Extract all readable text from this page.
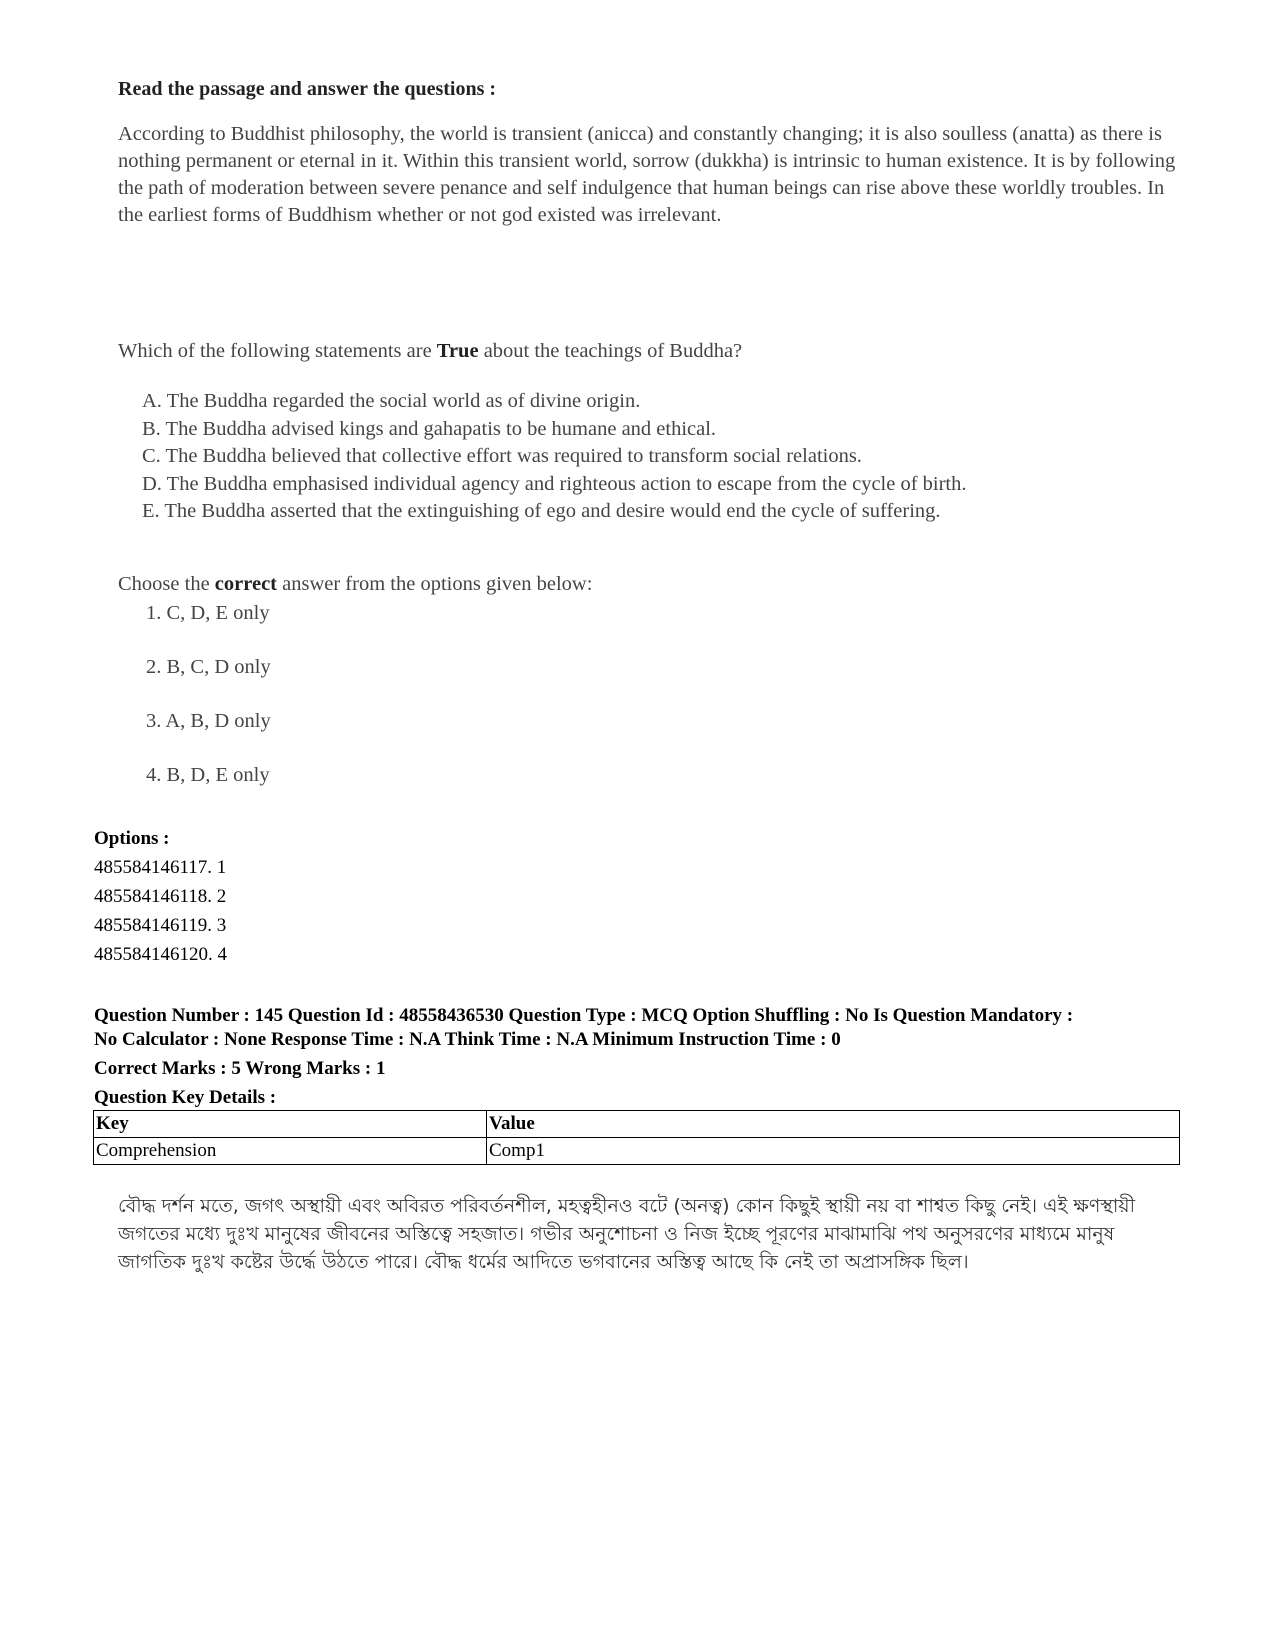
Read the passage and answer the questions :

According to Buddhist philosophy, the world is transient (anicca) and constantly changing; it is also soulless (anatta) as there is nothing permanent or eternal in it. Within this transient world, sorrow (dukkha) is intrinsic to human existence. It is by following the path of moderation between severe penance and self indulgence that human beings can rise above these worldly troubles. In the earliest forms of Buddhism whether or not god existed was irrelevant.

Which of the following statements are True about the teachings of Buddha?

A. The Buddha regarded the social world as of divine origin.
B. The Buddha advised kings and gahapatis to be humane and ethical.
C. The Buddha believed that collective effort was required to transform social relations.
D. The Buddha emphasised individual agency and righteous action to escape from the cycle of birth.
E. The Buddha asserted that the extinguishing of ego and desire would end the cycle of suffering.

Choose the correct answer from the options given below:

1. C, D, E only
2. B, C, D only
3. A, B, D only
4. B, D, E only
Options :
485584146117. 1
485584146118. 2
485584146119. 3
485584146120. 4

Question Number : 145 Question Id : 48558436530 Question Type : MCQ Option Shuffling : No Is Question Mandatory :

No Calculator : None Response Time : N.A Think Time : N.A Minimum Instruction Time : 0

Correct Marks : 5 Wrong Marks : 1

Question Key Details :

Key	Value
Comprehension	Comp1
বৌদ্ধ দর্শন মতে, জগৎ অস্থায়ী এবং অবিরত পরিবর্তনশীল, মহত্বহীনও বটে (অনত্ব) কোন কিছুই স্থায়ী নয় বা শাশ্বত কিছু নেই। এই ক্ষণস্থায়ী জগতের মধ্যে দুঃখ মানুষের জীবনের অস্তিত্বে সহজাত। গভীর অনুশোচনা ও নিজ ইচ্ছে পূরণের মাঝামাঝি পথ অনুসরণের মাধ্যমে মানুষ জাগতিক দুঃখ কষ্টের উর্দ্ধে উঠতে পারে। বৌদ্ধ ধর্মের আদিতে ভগবানের অস্তিত্ব আছে কি নেই তা অপ্রাসঙ্গিক ছিল।
